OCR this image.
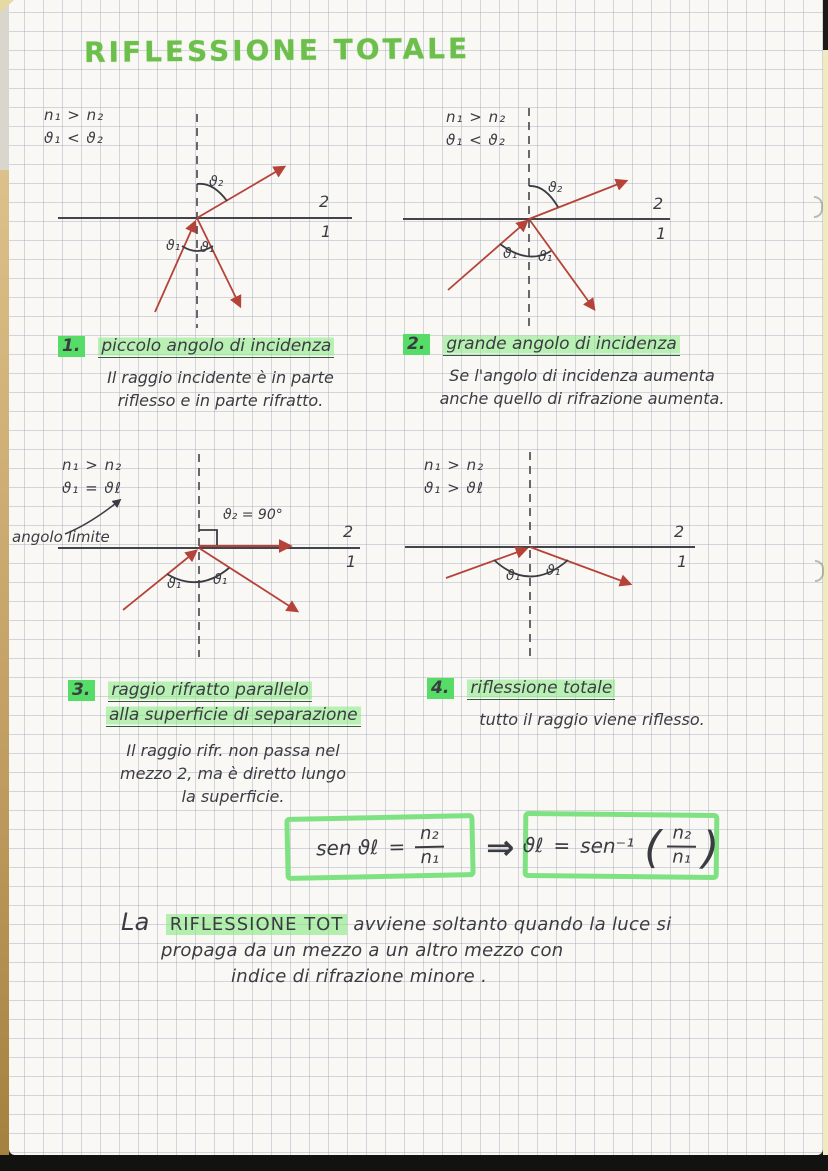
RIFLESSIONE TOTALE
n₁ > n₂
ϑ₁ < ϑ₂
ϑ₂
ϑ₁ ϑ₁
2
1
n₁ > n₂
ϑ₁ < ϑ₂
ϑ₂
ϑ₁ ϑ₁
2
1
1. piccolo angolo di incidenza
Il raggio incidente è in parte
riflesso e in parte rifratto.
2. grande angolo di incidenza
Se l'angolo di incidenza aumenta
anche quello di rifrazione aumenta.
n₁ > n₂
ϑ₁ = ϑℓ
angolo limite
ϑ₂ = 90°
ϑ₁ ϑ₁
2
1
n₁ > n₂
ϑ₁ > ϑℓ
ϑ₁ ϑ₁
2
1
3. raggio rifratto parallelo
alla superficie di separazione
Il raggio rifr. non passa nel
mezzo 2, ma è diretto lungo
la superficie.
4. riflessione totale
tutto il raggio viene riflesso.
sen ϑℓ = $\frac{\text{n₂}}{\text{n₁}}$ ⇒ ϑℓ = sen⁻¹ ( $\frac{\text{n₂}}{\text{n₁}}$ )
La RIFLESSIONE TOT avviene soltanto quando la luce si
propaga da un mezzo a un altro mezzo con
indice di rifrazione minore .
